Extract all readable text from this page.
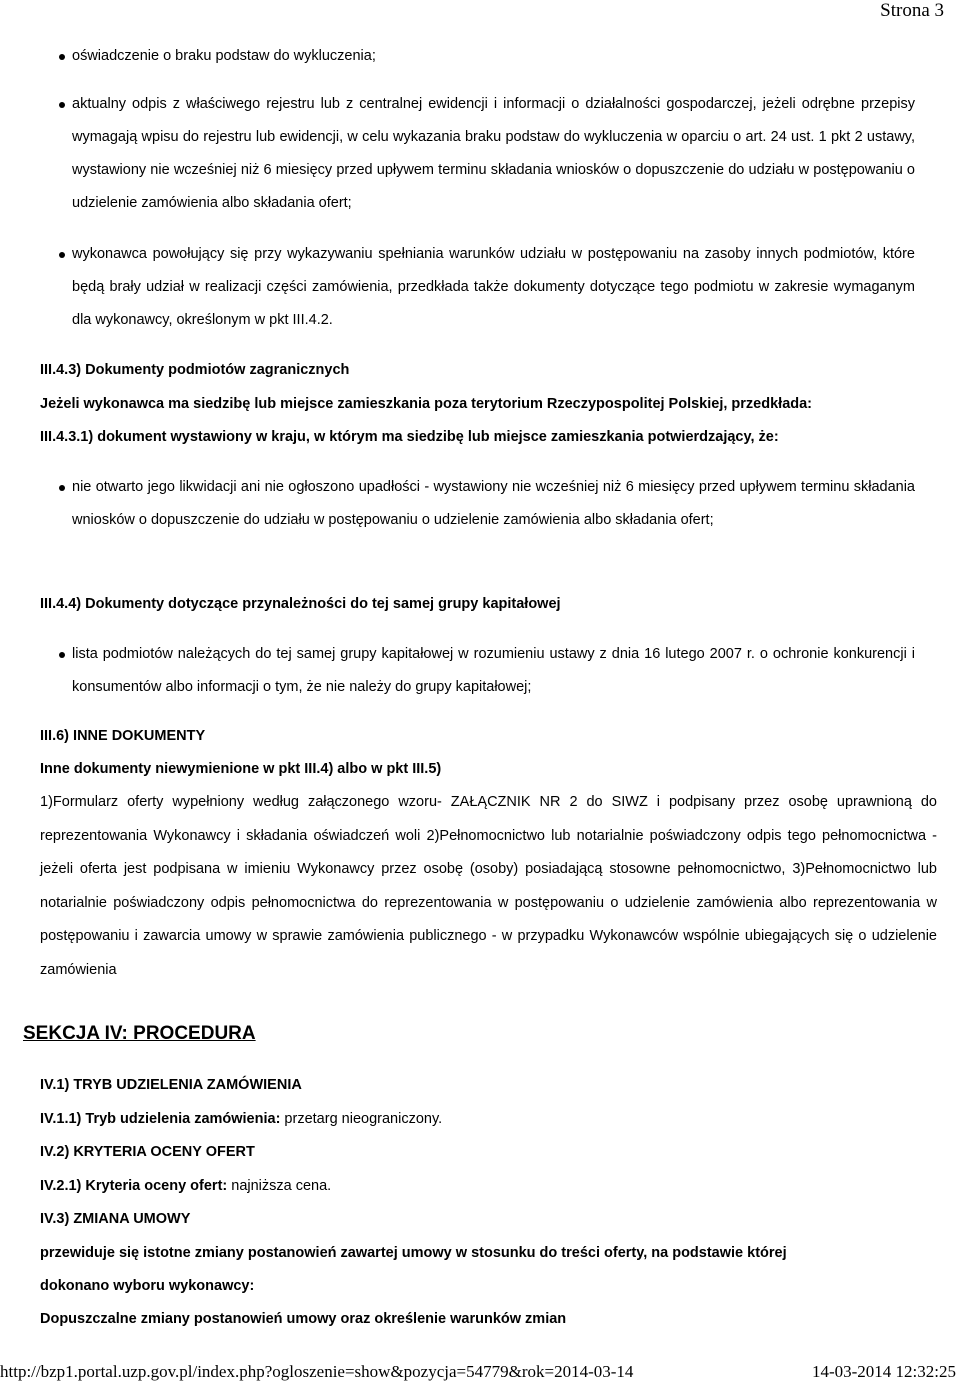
Strona 3
oświadczenie o braku podstaw do wykluczenia;
aktualny odpis z właściwego rejestru lub z centralnej ewidencji i informacji o działalności gospodarczej, jeżeli odrębne przepisy wymagają wpisu do rejestru lub ewidencji, w celu wykazania braku podstaw do wykluczenia w oparciu o art. 24 ust. 1 pkt 2 ustawy, wystawiony nie wcześniej niż 6 miesięcy przed upływem terminu składania wniosków o dopuszczenie do udziału w postępowaniu o udzielenie zamówienia albo składania ofert;
wykonawca powołujący się przy wykazywaniu spełniania warunków udziału w postępowaniu na zasoby innych podmiotów, które będą brały udział w realizacji części zamówienia, przedkłada także dokumenty dotyczące tego podmiotu w zakresie wymaganym dla wykonawcy, określonym w pkt III.4.2.
III.4.3) Dokumenty podmiotów zagranicznych
Jeżeli wykonawca ma siedzibę lub miejsce zamieszkania poza terytorium Rzeczypospolitej Polskiej, przedkłada:
III.4.3.1) dokument wystawiony w kraju, w którym ma siedzibę lub miejsce zamieszkania potwierdzający, że:
nie otwarto jego likwidacji ani nie ogłoszono upadłości - wystawiony nie wcześniej niż 6 miesięcy przed upływem terminu składania wniosków o dopuszczenie do udziału w postępowaniu o udzielenie zamówienia albo składania ofert;
III.4.4) Dokumenty dotyczące przynależności do tej samej grupy kapitałowej
lista podmiotów należących do tej samej grupy kapitałowej w rozumieniu ustawy z dnia 16 lutego 2007 r. o ochronie konkurencji i konsumentów albo informacji o tym, że nie należy do grupy kapitałowej;
III.6) INNE DOKUMENTY
Inne dokumenty niewymienione w pkt III.4) albo w pkt III.5)
1)Formularz oferty wypełniony według załączonego wzoru- ZAŁĄCZNIK NR 2 do SIWZ i podpisany przez osobę uprawnioną do reprezentowania Wykonawcy i składania oświadczeń woli 2)Pełnomocnictwo lub notarialnie poświadczony odpis tego pełnomocnictwa - jeżeli oferta jest podpisana w imieniu Wykonawcy przez osobę (osoby) posiadającą stosowne pełnomocnictwo, 3)Pełnomocnictwo lub notarialnie poświadczony odpis pełnomocnictwa do reprezentowania w postępowaniu o udzielenie zamówienia albo reprezentowania w postępowaniu i zawarcia umowy w sprawie zamówienia publicznego - w przypadku Wykonawców wspólnie ubiegających się o udzielenie zamówienia
SEKCJA IV: PROCEDURA
IV.1) TRYB UDZIELENIA ZAMÓWIENIA
IV.1.1) Tryb udzielenia zamówienia: przetarg nieograniczony.
IV.2) KRYTERIA OCENY OFERT
IV.2.1) Kryteria oceny ofert: najniższa cena.
IV.3) ZMIANA UMOWY
przewiduje się istotne zmiany postanowień zawartej umowy w stosunku do treści oferty, na podstawie której
dokonano wyboru wykonawcy:
Dopuszczalne zmiany postanowień umowy oraz określenie warunków zmian
http://bzp1.portal.uzp.gov.pl/index.php?ogloszenie=show&pozycja=54779&rok=2014-03-14	14-03-2014 12:32:25
